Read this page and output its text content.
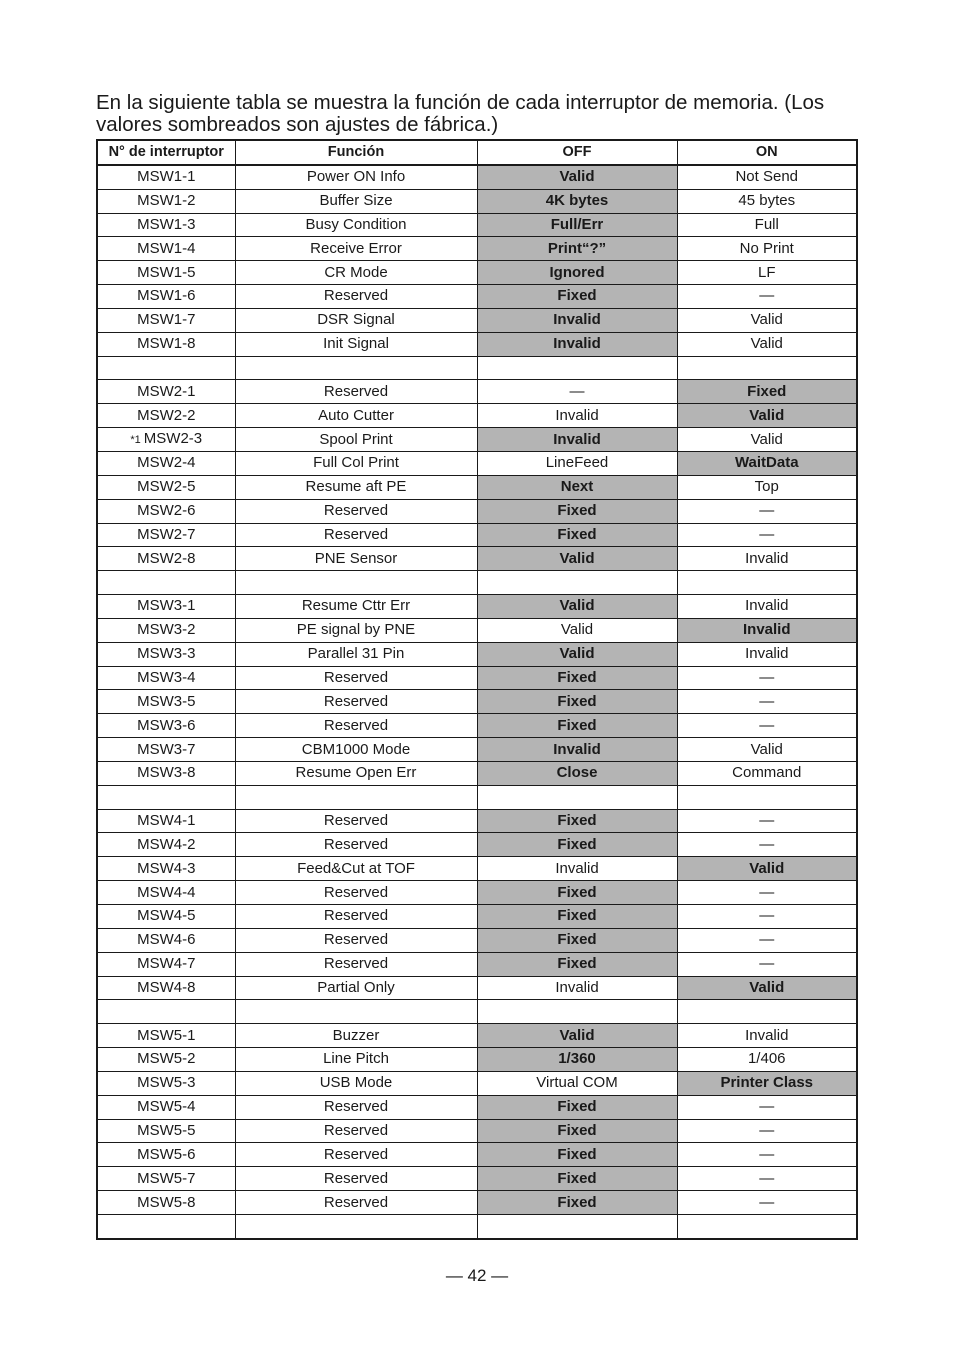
En la siguiente tabla se muestra la función de cada interruptor de memoria. (Los valores sombreados son ajustes de fábrica.)

N° de interruptor	Función	OFF	ON
MSW1-1	Power ON Info	Valid	Not Send
MSW1-2	Buffer Size	4K bytes	45 bytes
MSW1-3	Busy Condition	Full/Err	Full
MSW1-4	Receive Error	Print“?”	No Print
MSW1-5	CR Mode	Ignored	LF
MSW1-6	Reserved	Fixed	—
MSW1-7	DSR Signal	Invalid	Valid
MSW1-8	Init Signal	Invalid	Valid

MSW2-1	Reserved	—	Fixed
MSW2-2	Auto Cutter	Invalid	Valid
*1 MSW2-3	Spool Print	Invalid	Valid
MSW2-4	Full Col Print	LineFeed	WaitData
MSW2-5	Resume aft PE	Next	Top
MSW2-6	Reserved	Fixed	—
MSW2-7	Reserved	Fixed	—
MSW2-8	PNE Sensor	Valid	Invalid

MSW3-1	Resume Cttr Err	Valid	Invalid
MSW3-2	PE signal by PNE	Valid	Invalid
MSW3-3	Parallel 31 Pin	Valid	Invalid
MSW3-4	Reserved	Fixed	—
MSW3-5	Reserved	Fixed	—
MSW3-6	Reserved	Fixed	—
MSW3-7	CBM1000 Mode	Invalid	Valid
MSW3-8	Resume Open Err	Close	Command

MSW4-1	Reserved	Fixed	—
MSW4-2	Reserved	Fixed	—
MSW4-3	Feed&Cut at TOF	Invalid	Valid
MSW4-4	Reserved	Fixed	—
MSW4-5	Reserved	Fixed	—
MSW4-6	Reserved	Fixed	—
MSW4-7	Reserved	Fixed	—
MSW4-8	Partial Only	Invalid	Valid

MSW5-1	Buzzer	Valid	Invalid
MSW5-2	Line Pitch	1/360	1/406
MSW5-3	USB Mode	Virtual COM	Printer Class
MSW5-4	Reserved	Fixed	—
MSW5-5	Reserved	Fixed	—
MSW5-6	Reserved	Fixed	—
MSW5-7	Reserved	Fixed	—
MSW5-8	Reserved	Fixed	—

— 42 —
